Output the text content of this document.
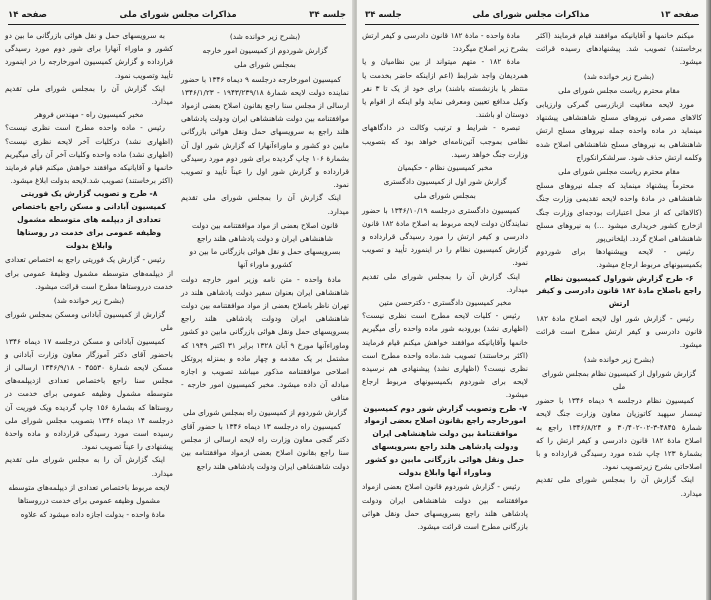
جلسه ۳۴
مذاکرات مجلس شورای ملی
صفحه ۱۴

(بشرح زیر خوانده شد)

گزارش شوردوم از کمیسیون امور خارجه

بمجلس شورای ملی

کمیسیون امورخارجه درجلسه ۹ دیماه ۱۳۴۶ با حضور نماینده دولت لایحه شمارهٔ ۱۹۴۳/۲۳۹/۱۸ - ۱۳۴۶/۱/۲۳ ارسالی از مجلس سنا راجع بقانون اصلاح بعضی ازمواد موافقتنامه بین دولت شاهنشاهی ایران ودولت پادشاهی هلند راجع به سرویسهای حمل ونقل هوائی بازرگانی مابین دو کشور و ماوراءآنهارا که گزارش شور اول آن بشمارهٔ ۱۰۶ چاپ گردیده برای شور دوم مورد رسیدگی قرارداده و گزارش شور اول را عیناً تأیید و تصویب نمود.

اینک گزارش آن را بمجلس شورای ملی تقدیم میدارد.

قانون اصلاح بعضی از مواد موافقتنامه بین دولت شاهنشاهی ایران و دولت پادشاهی هلند راجع بسرویسهای حمل و نقل هوائی بازرگانی ما بین دو کشورو ماوراء آنها

مادهٔ واحده - متن نامه وزیر امور خارجه دولت شاهنشاهی ایران بعنوان سفیر دولت پادشاهی هلند در تهران ناظر باصلاح بعضی از مواد موافقتنامه بین دولت شاهنشاهی ایران ودولت پادشاهی هلند راجع بسرویسهای حمل ونقل هوائی بازرگانی مابین دو کشور وماوراءآنها مورخ ۹ آبان ۱۳۲۸ برابر ۳۱ اکتبر ۱۹۴۹ که مشتمل بر یک مقدمه و چهار ماده و بمنزله پروتکل اصلاحی موافقتنامه مذکور میباشد تصویب و اجازه مبادله آن داده میشود. مخبر کمیسیون امور خارجه - منافی

گزارش شوردوم از کمیسیون راه بمجلس شورای ملی

کمیسیون راه درجلسه ۱۳ دیماه ۱۳۴۶ با حضور آقای دکتر گنجی معاون وزارت راه لایحه ارسالی از مجلس سنا راجع بقانون اصلاح بعضی ازمواد موافقتنامه بین دولت شاهنشاهی ایران ودولت پادشاهی هلند راجع

به سرویسهای حمل و نقل هوائی بازرگانی ما بین دو کشور و ماوراء آنهارا برای شور دوم مورد رسیدگی قرارداده و گزارش کمیسیون امورخارجه را در اینمورد تأیید وتصویب نمود.

اینک گزارش آن را بمجلس شورای ملی تقدیم میدارد.

مخبر کمیسیون راه - مهندس فروهر

رئیس - ماده واحده مطرح است نظری نیست؟ (اظهاری نشد) درکلیات آخر لایحه نظری نیست؟ (اظهاری نشد) ماده واحده وکلیات آخر آن رأی میگیریم خانمها و آقایانیکه موافقند خواهش میکنم قیام فرمایند (اکثر برخاستند) تصویب شد.لایحه بدولت ابلاغ میشود.

۸- طرح و تصویب گزارش یک فوریتی کمیسیون آبادانی و مسکن راجع باختصاص تعدادی از دیپلمه های متوسطه مشمول وظیفه عمومی برای خدمت در روستاها وابلاغ بدولت

رئیس - گزارش یک فوریتی راجع به اختصاص تعدادی از دیپلمه‌های متوسطه مشمول وظیفهٔ عمومی برای خدمت درروستاها مطرح است قرائت میشود.

(بشرح زیر خوانده شد)

گزارش از کمیسیون آبادانی ومسکن بمجلس شورای ملی

کمیسیون آبادانی و مسکن درجلسه ۱۷ دیماه ۱۳۴۶ باحضور آقای دکتر آموزگار معاون وزارت آبادانی و مسکن لایحه شمارهٔ ۴۵۵۳۰ - ۱۳۴۶/۹/۱۸ ارسالی از مجلس سنا راجع باختصاص تعدادی ازدیپلمه‌های متوسطه مشمول وظیفه عمومی برای خدمت در روستاها که بشمارهٔ ۱۵۶ چاپ گردیده ویک فوریت آن درجلسه ۱۴ دیماه ۱۳۴۶ بتصویب مجلس شورای ملی رسیده است مورد رسیدگی قرارداده و ماده واحدهٔ پیشنهادی را عیناً تصویب نمود.

اینک گزارش آن را به مجلس شورای ملی تقدیم میدارد.

لایحه مربوط باختصاص تعدادی از دیپلمه‌های متوسطه مشمول وظیفه عمومی برای خدمت درروستاها

مادهٔ واحده - بدولت اجازه داده میشود که علاوه

صفحه ۱۳
مذاکرات مجلس شورای ملی
جلسه ۳۴

میکنم خانمها و آقایانیکه موافقند قیام فرمایند (اکثر برخاستند) تصویب شد. پیشنهادهای رسیده قرائت میشود.

(بشرح زیر خوانده شد)

مقام محترم ریاست مجلس شورای ملی

مورد لایحه معافیت ازبازرسی گمرکی وارزیابی کالاهای مصرفی نیروهای مسلح شاهنشاهی پیشنهاد مینماید در ماده واحده جمله نیروهای مسلح ارتش شاهنشاهی به نیروهای مسلح شاهنشاهی اصلاح شده وکلمه ارتش حذف شود. سرلشکرانکوراج

مقام محترم ریاست مجلس شورای ملی

محترماً پیشنهاد مینماید که جمله نیروهای مسلح شاهنشاهی در مادهٔ واحده لایحه تقدیمی وزارت جنگ (کالاهائی که از محل اعتبارات بودجه‌ای وزارت جنگ ازخارج کشور خریداری میشود ...) به نیروهای مسلح شاهنشاهی اصلاح گردد. ایلخانی‌پور

رئیس - لایحه وپیشنهادها برای شوردوم بکمیسیونهای مربوط ارجاع میشود.

۶- طرح گزارش شوراول کمیسیون نظام راجع باصلاح مادهٔ ۱۸۲ قانون دادرسی و کیفر ارتش

رئیس - گزارش شور اول لایحه اصلاح مادهٔ ۱۸۲ قانون دادرسی و کیفر ارتش مطرح است قرائت میشود.

(بشرح زیر خوانده شد)

گزارش شوراول از کمیسیون نظام بمجلس شورای ملی

کمیسیون نظام درجلسه ۹ دیماه ۱۳۴۶ با حضور تیمسار سپهبد کاتوزیان معاون وزارت جنگ لایحه شمارهٔ ۴۸۴۵-۳-۰۲-۳۰/۴۰۲ و ۱۳۴۶/۸/۲۴ راجع به اصلاح مادهٔ ۱۸۲ قانون دادرسی و کیفر ارتش را که بشمارهٔ ۱۲۳ چاپ شده مورد رسیدگی قرارداده و با اصلاحاتی بشرح زیرتصویب نمود.

اینک گزارش آن را بمجلس شورای ملی تقدیم میدارد.

مادهٔ واحده - مادهٔ ۱۸۲ قانون دادرسی و کیفر ارتش بشرح زیر اصلاح میگردد:

مادهٔ ۱۸۲ - متهم میتواند از بین نظامیان و یا همردیفان واجد شرایط (اعم ازاینکه حاضر بخدمت یا منتظر یا بازنشسته باشند) برای خود از یک تا ۳ نفر وکیل مدافع تعیین ومعرفی نماید ولو اینکه از اقوام یا دوستان او باشند.

تبصره - شرایط و ترتیب وکالت در دادگاههای نظامی بموجب آئین‌نامه‌ای خواهد بود که بتصویب وزارت جنگ خواهد رسید.

مخبر کمیسیون نظام - حکیمیان

گزارش شور اول از کمیسیون دادگستری

بمجلس شورای ملی

کمیسیون دادگستری درجلسه ۱۳۴۶/۱۰/۱۹ با حضور نمایندگان دولت لایحه مربوط به اصلاح مادهٔ ۱۸۲ قانون دادرسی و کیفر ارتش را مورد رسیدگی قرارداده و گزارش کمیسیون نظام را در اینمورد تأیید و تصویب نمود.

اینک گزارش آن را بمجلس شورای ملی تقدیم میدارد.

مخبر کمیسیون دادگستری - دکترحسن متین

رئیس - کلیات لایحه مطرح است نظری نیست؟ (اظهاری نشد) بورودبه شور ماده واحده رأی میگیریم خانمها وآقایانیکه موافقند خواهش میکنم قیام فرمایند (اکثر برخاستند) تصویب شد.ماده واحده مطرح است نظری نیست؟ (اظهاری نشد) پیشنهادی هم نرسیده لایحه برای شوردوم بکمیسیونهای مربوط ارجاع میشود.

۷- طرح وتصویب گزارش شور دوم کمیسیون امورخارجه راجع بقانون اصلاح بعضی ازمواد موافقتنامهٔ بین دولت شاهنشاهی ایران ودولت پادشاهی هلند راجع بسرویسهای حمل ونقل هوائی بازرگانی مابین دو کشور وماوراء آنها وابلاغ بدولت

رئیس - گزارش شوردوم قانون اصلاح بعضی ازمواد موافقتنامه بین دولت شاهنشاهی ایران ودولت پادشاهی هلند راجع بسرویسهای حمل ونقل هوائی بازرگانی مطرح است قرائت میشود.
